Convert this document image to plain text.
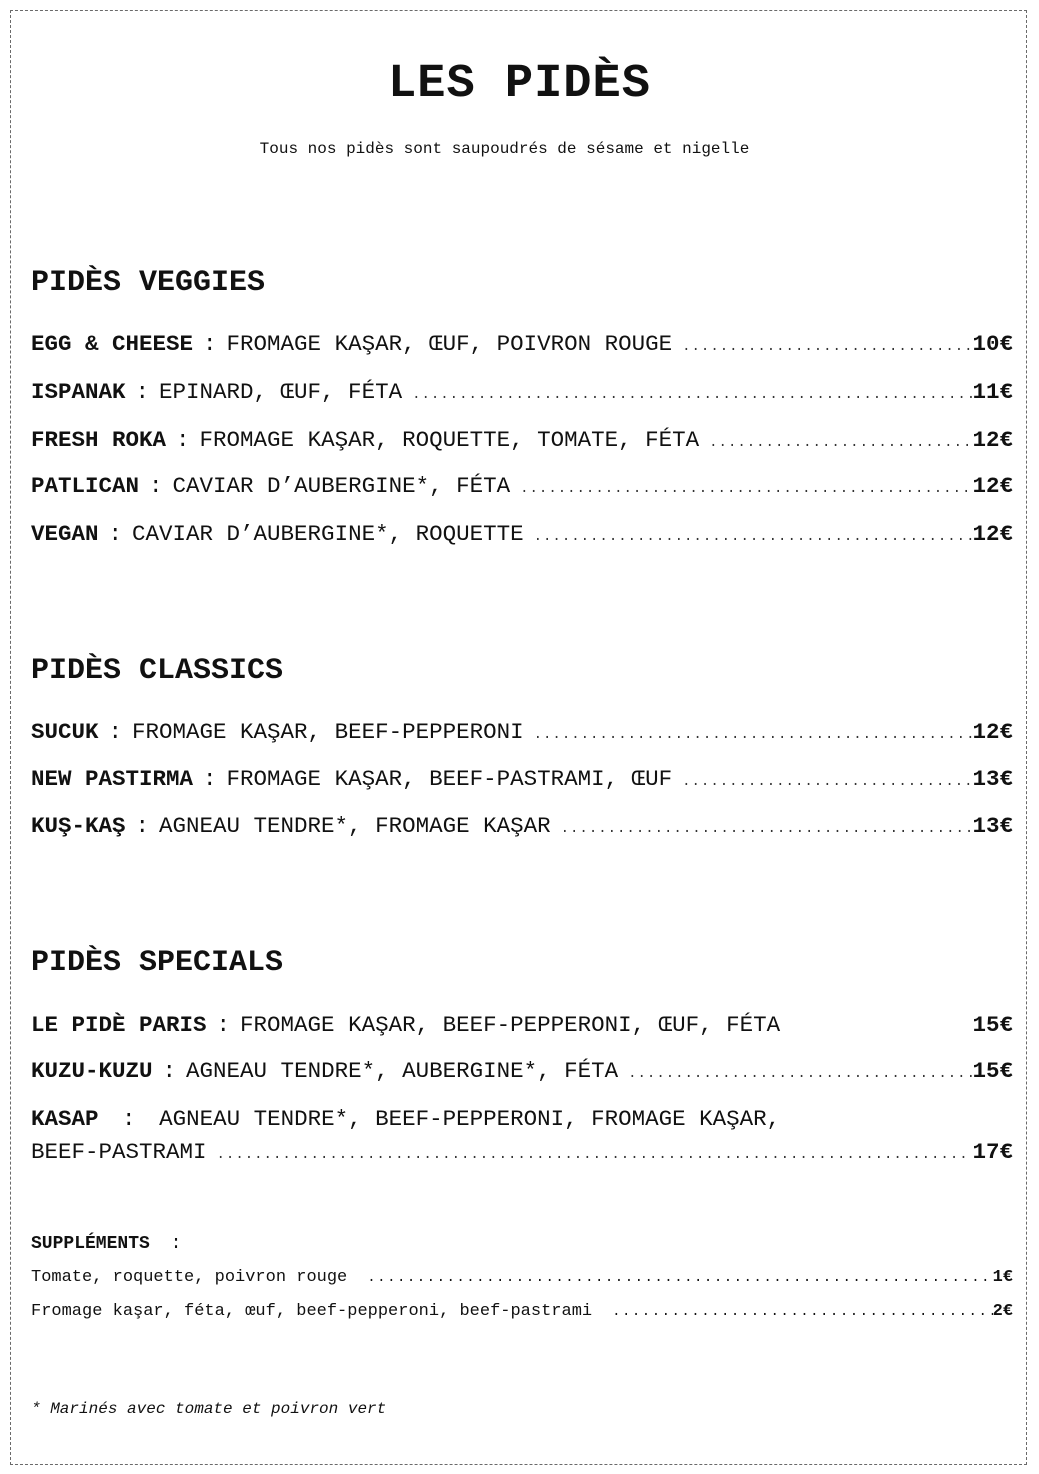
LES PIDÈS
Tous nos pidès sont saupoudrés de sésame et nigelle
PIDÈS VEGGIES
EGG & CHEESE : FROMAGE KAŞAR, ŒUF, POIVRON ROUGE .....	10€
ISPANAK : EPINARD, ŒUF, FÉTA .....	11€
FRESH ROKA : FROMAGE KAŞAR, ROQUETTE, TOMATE, FÉTA .....	12€
PATLICAN : CAVIAR D’AUBERGINE*, FÉTA .....	12€
VEGAN : CAVIAR D’AUBERGINE*, ROQUETTE .....	12€
PIDÈS CLASSICS
SUCUK : FROMAGE KAŞAR, BEEF-PEPPERONI .....	12€
NEW PASTIRMA : FROMAGE KAŞAR, BEEF-PASTRAMI, ŒUF .....	13€
KUŞ-KAŞ : AGNEAU TENDRE*, FROMAGE KAŞAR .....	13€
PIDÈS SPECIALS
LE PIDÈ PARIS : FROMAGE KAŞAR, BEEF-PEPPERONI, ŒUF, FÉTA	15€
KUZU-KUZU : AGNEAU TENDRE*, AUBERGINE*, FÉTA .....	15€
KASAP : AGNEAU TENDRE*, BEEF-PEPPERONI, FROMAGE KAŞAR,
BEEF-PASTRAMI .....	17€
SUPPLÉMENTS :
Tomate, roquette, poivron rouge .....	1€
Fromage kaşar, féta, œuf, beef-pepperoni, beef-pastrami .....	2€
* Marinés avec tomate et poivron vert
